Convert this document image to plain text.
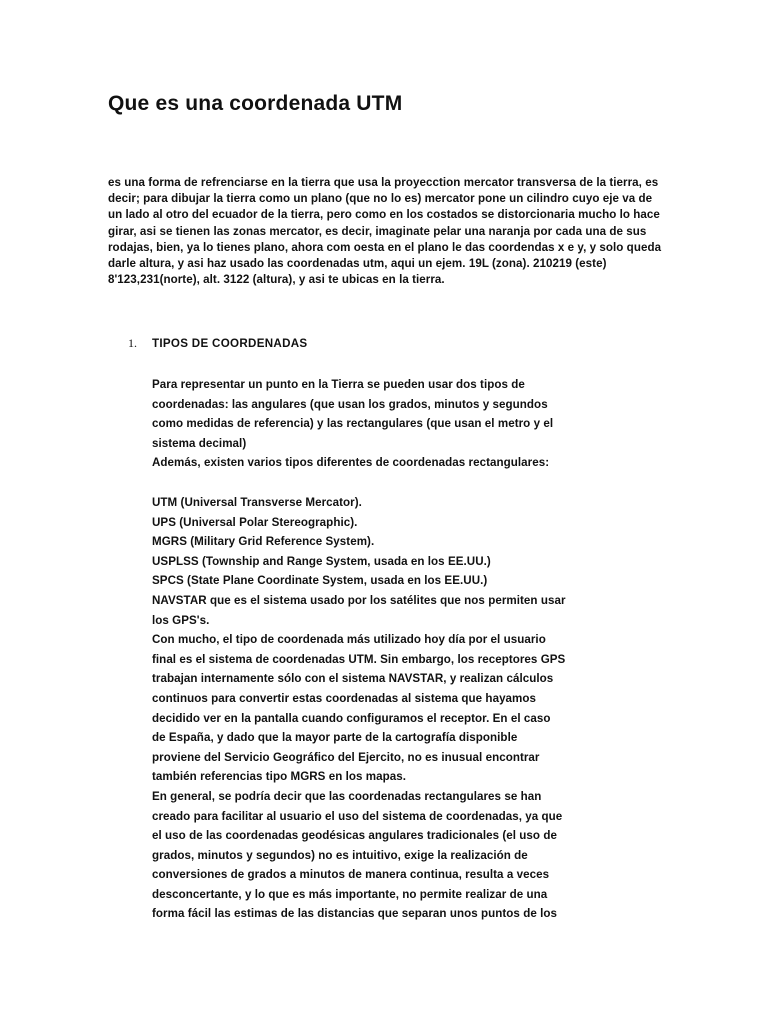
Que es una coordenada UTM

es una forma de refrenciarse en la tierra que usa la proyecction mercator transversa de la tierra, es decir; para dibujar la tierra como un plano (que no lo es) mercator pone un cilindro cuyo eje va de un lado al otro del ecuador de la tierra, pero como en los costados se distorcionaria mucho lo hace girar, asi se tienen las zonas mercator, es decir, imaginate pelar una naranja por cada una de sus rodajas, bien, ya lo tienes plano, ahora com oesta en el plano le das coordendas x e y, y solo queda darle altura, y asi haz usado las coordenadas utm, aqui un ejem. 19L (zona). 210219 (este) 8'123,231(norte), alt. 3122 (altura), y asi te ubicas en la tierra.

1. TIPOS DE COORDENADAS
Para representar un punto en la Tierra se pueden usar dos tipos de
coordenadas: las angulares (que usan los grados, minutos y segundos
como medidas de referencia) y las rectangulares (que usan el metro y el
sistema decimal)
Además, existen varios tipos diferentes de coordenadas rectangulares:
UTM (Universal Transverse Mercator).
UPS (Universal Polar Stereographic).
MGRS (Military Grid Reference System).
USPLSS (Township and Range System, usada en los EE.UU.)
SPCS (State Plane Coordinate System, usada en los EE.UU.)
NAVSTAR que es el sistema usado por los satélites que nos permiten usar
los GPS's.
Con mucho, el tipo de coordenada más utilizado hoy día por el usuario
final es el sistema de coordenadas UTM. Sin embargo, los receptores GPS
trabajan internamente sólo con el sistema NAVSTAR, y realizan cálculos
continuos para convertir estas coordenadas al sistema que hayamos
decidido ver en la pantalla cuando configuramos el receptor. En el caso
de España, y dado que la mayor parte de la cartografía disponible
proviene del Servicio Geográfico del Ejercito, no es inusual encontrar
también referencias tipo MGRS en los mapas.
En general, se podría decir que las coordenadas rectangulares se han
creado para facilitar al usuario el uso del sistema de coordenadas, ya que
el uso de las coordenadas geodésicas angulares tradicionales (el uso de
grados, minutos y segundos) no es intuitivo, exige la realización de
conversiones de grados a minutos de manera continua, resulta a veces
desconcertante, y lo que es más importante, no permite realizar de una
forma fácil las estimas de las distancias que separan unos puntos de los
